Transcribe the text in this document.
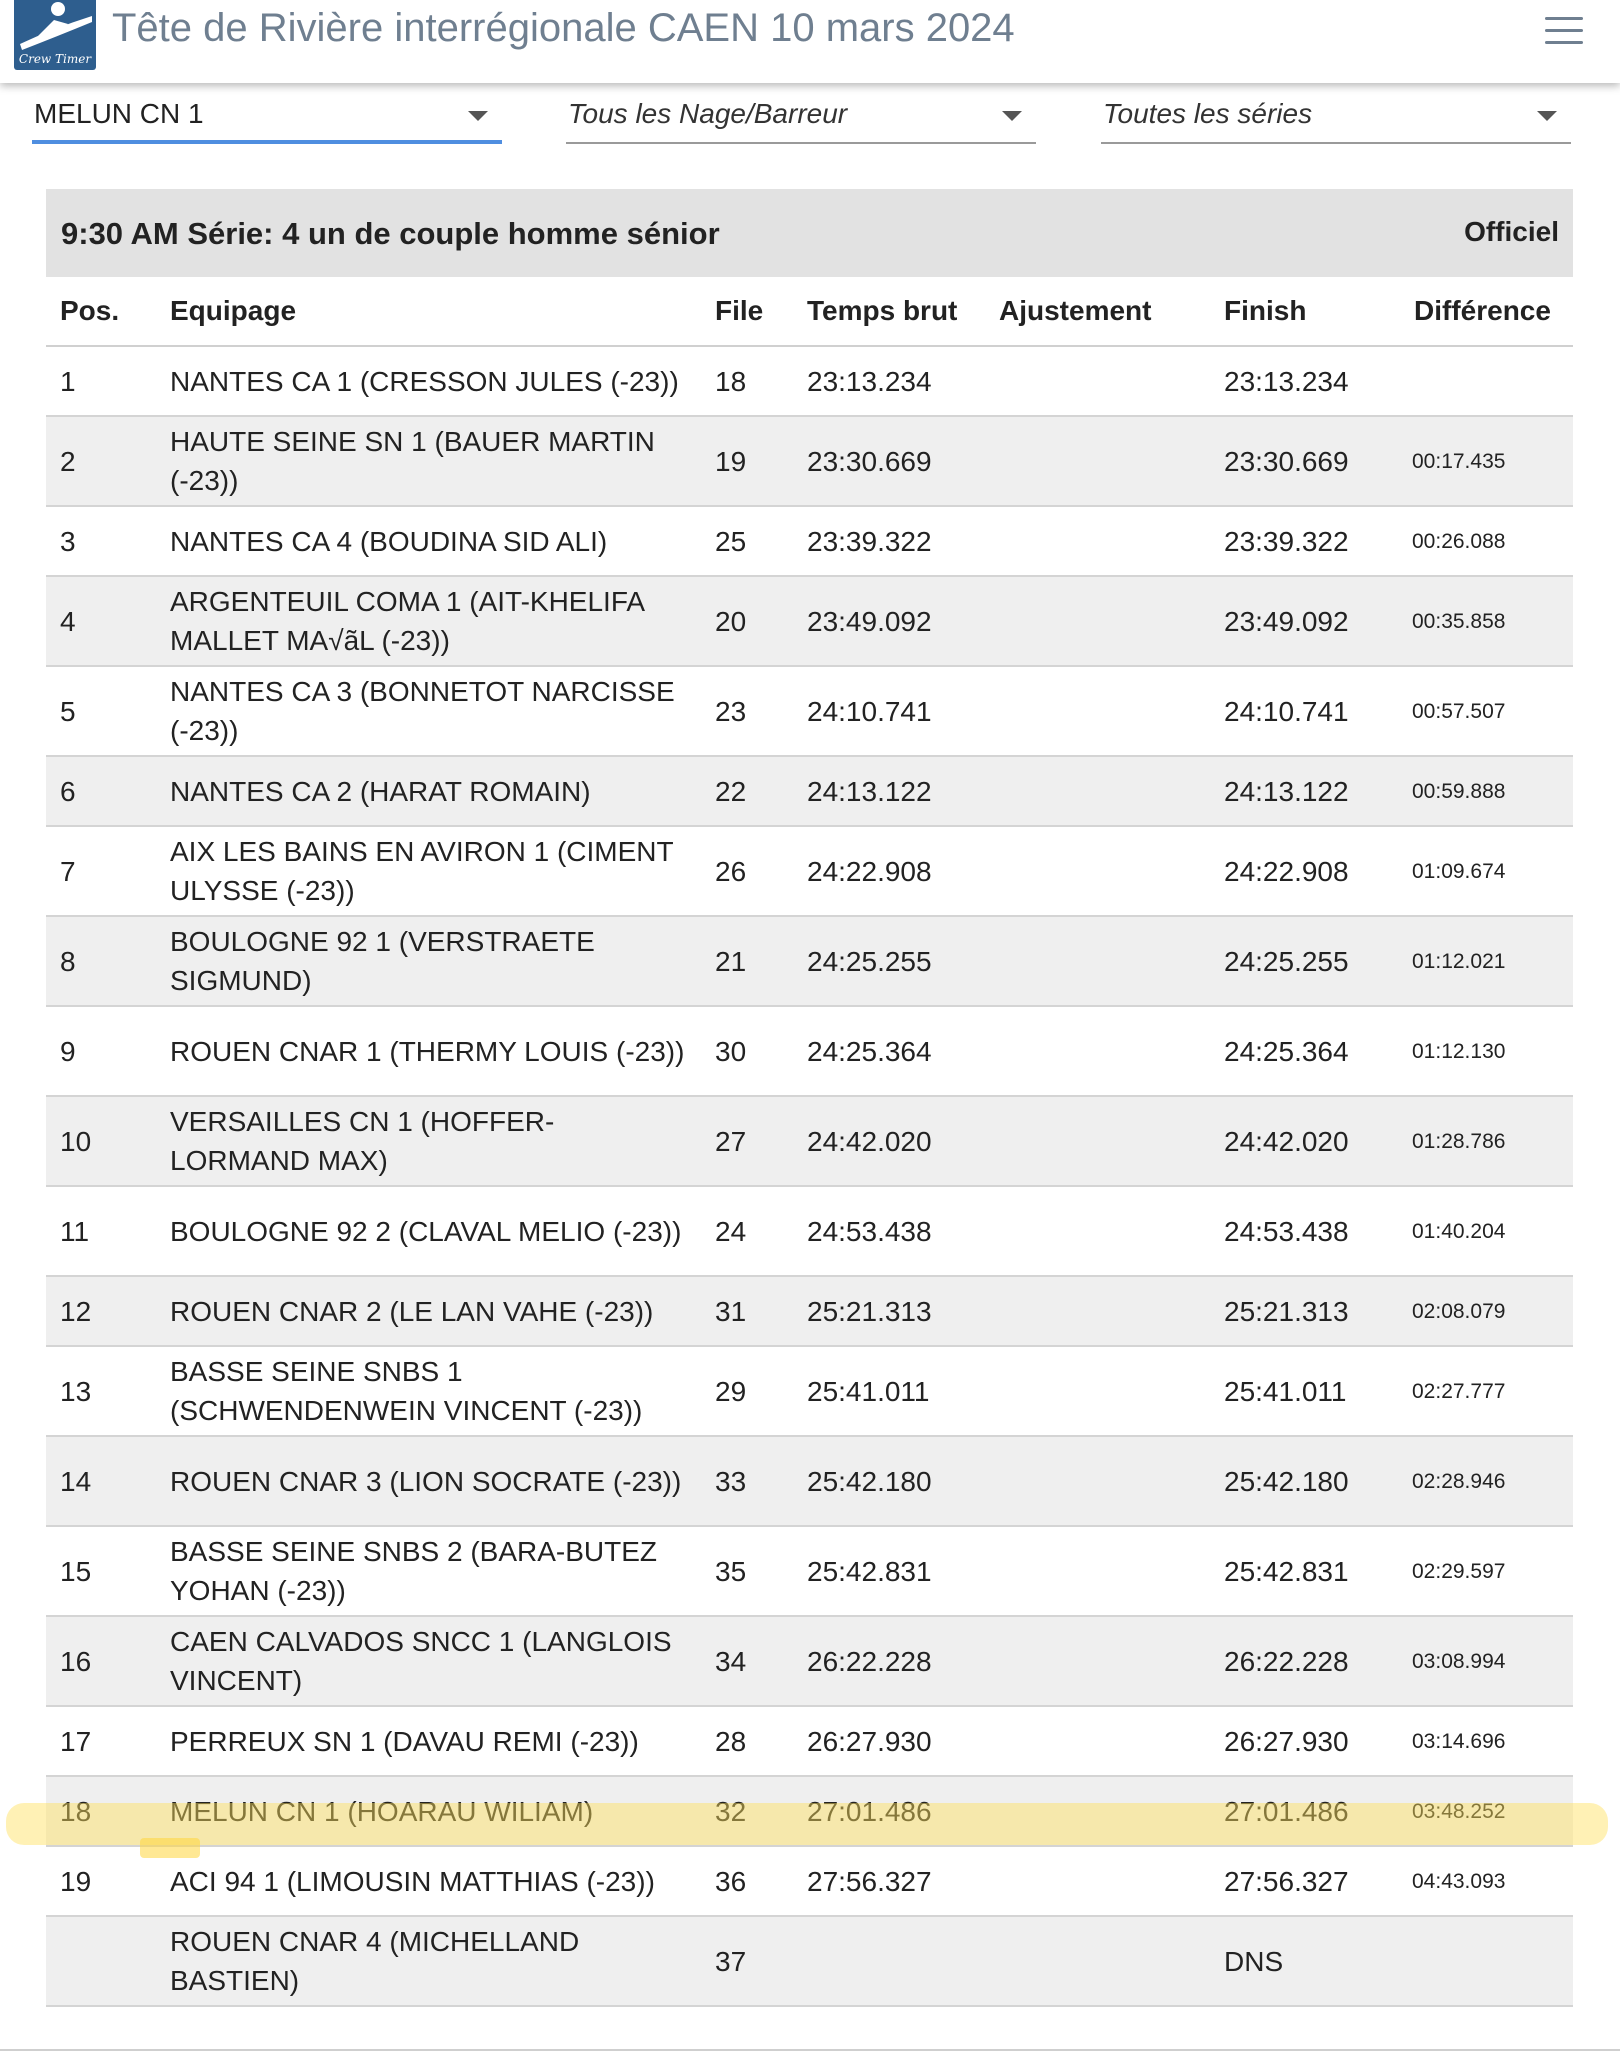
Crew Timer
Tête de Rivière interrégionale CAEN 10 mars 2024
MELUN CN 1	Tous les Nage/Barreur	Toutes les séries
9:30 AM Série: 4 un de couple homme sénior	Officiel
Pos.	Equipage	File	Temps brut	Ajustement	Finish	Différence
1	NANTES CA 1 (CRESSON JULES (-23))	18	23:13.234		23:13.234	
2	HAUTE SEINE SN 1 (BAUER MARTIN (-23))	19	23:30.669		23:30.669	00:17.435
3	NANTES CA 4 (BOUDINA SID ALI)	25	23:39.322		23:39.322	00:26.088
4	ARGENTEUIL COMA 1 (AIT-KHELIFA MALLET MA√ãL (-23))	20	23:49.092		23:49.092	00:35.858
5	NANTES CA 3 (BONNETOT NARCISSE (-23))	23	24:10.741		24:10.741	00:57.507
6	NANTES CA 2 (HARAT ROMAIN)	22	24:13.122		24:13.122	00:59.888
7	AIX LES BAINS EN AVIRON 1 (CIMENT ULYSSE (-23))	26	24:22.908		24:22.908	01:09.674
8	BOULOGNE 92 1 (VERSTRAETE SIGMUND)	21	24:25.255		24:25.255	01:12.021
9	ROUEN CNAR 1 (THERMY LOUIS (-23))	30	24:25.364		24:25.364	01:12.130
10	VERSAILLES CN 1 (HOFFER-LORMAND MAX)	27	24:42.020		24:42.020	01:28.786
11	BOULOGNE 92 2 (CLAVAL MELIO (-23))	24	24:53.438		24:53.438	01:40.204
12	ROUEN CNAR 2 (LE LAN VAHE (-23))	31	25:21.313		25:21.313	02:08.079
13	BASSE SEINE SNBS 1 (SCHWENDENWEIN VINCENT (-23))	29	25:41.011		25:41.011	02:27.777
14	ROUEN CNAR 3 (LION SOCRATE (-23))	33	25:42.180		25:42.180	02:28.946
15	BASSE SEINE SNBS 2 (BARA-BUTEZ YOHAN (-23))	35	25:42.831		25:42.831	02:29.597
16	CAEN CALVADOS SNCC 1 (LANGLOIS VINCENT)	34	26:22.228		26:22.228	03:08.994
17	PERREUX SN 1 (DAVAU REMI (-23))	28	26:27.930		26:27.930	03:14.696
18	MELUN CN 1 (HOARAU WILIAM)	32	27:01.486		27:01.486	03:48.252
19	ACI 94 1 (LIMOUSIN MATTHIAS (-23))	36	27:56.327		27:56.327	04:43.093
	ROUEN CNAR 4 (MICHELLAND BASTIEN)	37			DNS	
